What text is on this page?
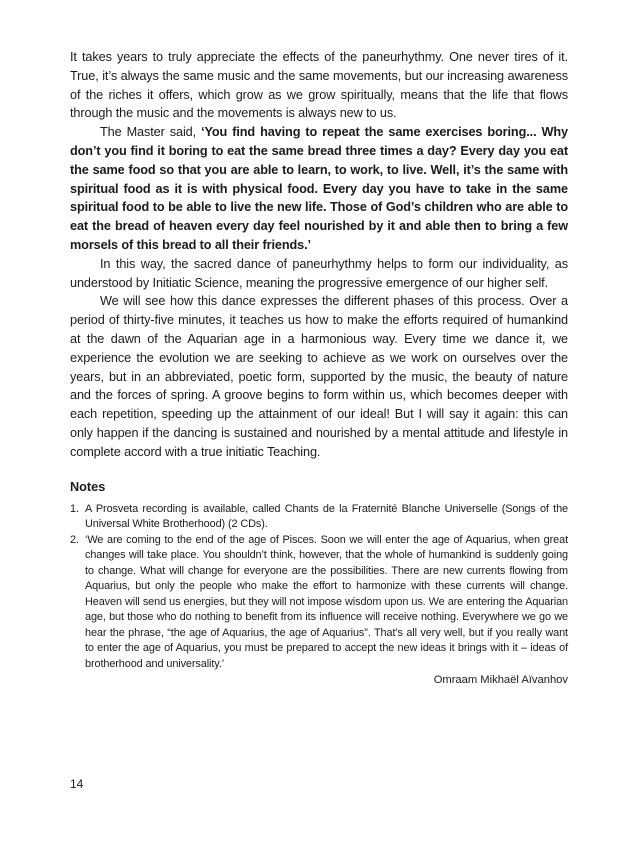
It takes years to truly appreciate the effects of the paneurhythmy. One never tires of it. True, it’s always the same music and the same movements, but our increasing awareness of the riches it offers, which grow as we grow spiritually, means that the life that flows through the music and the movements is always new to us.

The Master said, ‘You find having to repeat the same exercises boring... Why don’t you find it boring to eat the same bread three times a day? Every day you eat the same food so that you are able to learn, to work, to live. Well, it’s the same with spiritual food as it is with physical food. Every day you have to take in the same spiritual food to be able to live the new life. Those of God’s children who are able to eat the bread of heaven every day feel nourished by it and able then to bring a few morsels of this bread to all their friends.’

In this way, the sacred dance of paneurhythmy helps to form our individuality, as understood by Initiatic Science, meaning the progressive emergence of our higher self.

We will see how this dance expresses the different phases of this process. Over a period of thirty-five minutes, it teaches us how to make the efforts required of humankind at the dawn of the Aquarian age in a harmonious way. Every time we dance it, we experience the evolution we are seeking to achieve as we work on ourselves over the years, but in an abbreviated, poetic form, supported by the music, the beauty of nature and the forces of spring. A groove begins to form within us, which becomes deeper with each repetition, speeding up the attainment of our ideal! But I will say it again: this can only happen if the dancing is sustained and nourished by a mental attitude and lifestyle in complete accord with a true initiatic Teaching.

Notes

1. A Prosveta recording is available, called Chants de la Fraternité Blanche Universelle (Songs of the Universal White Brotherhood) (2 CDs).
2. ‘We are coming to the end of the age of Pisces. Soon we will enter the age of Aquarius, when great changes will take place. You shouldn’t think, however, that the whole of humankind is suddenly going to change. What will change for everyone are the possibilities. There are new currents flowing from Aquarius, but only the people who make the effort to harmonize with these currents will change. Heaven will send us energies, but they will not impose wisdom upon us. We are entering the Aquarian age, but those who do nothing to benefit from its influence will receive nothing. Everywhere we go we hear the phrase, “the age of Aquarius, the age of Aquarius”. That’s all very well, but if you really want to enter the age of Aquarius, you must be prepared to accept the new ideas it brings with it – ideas of brotherhood and universality.’

Omraam Mikhaël Aïvanhov

14
